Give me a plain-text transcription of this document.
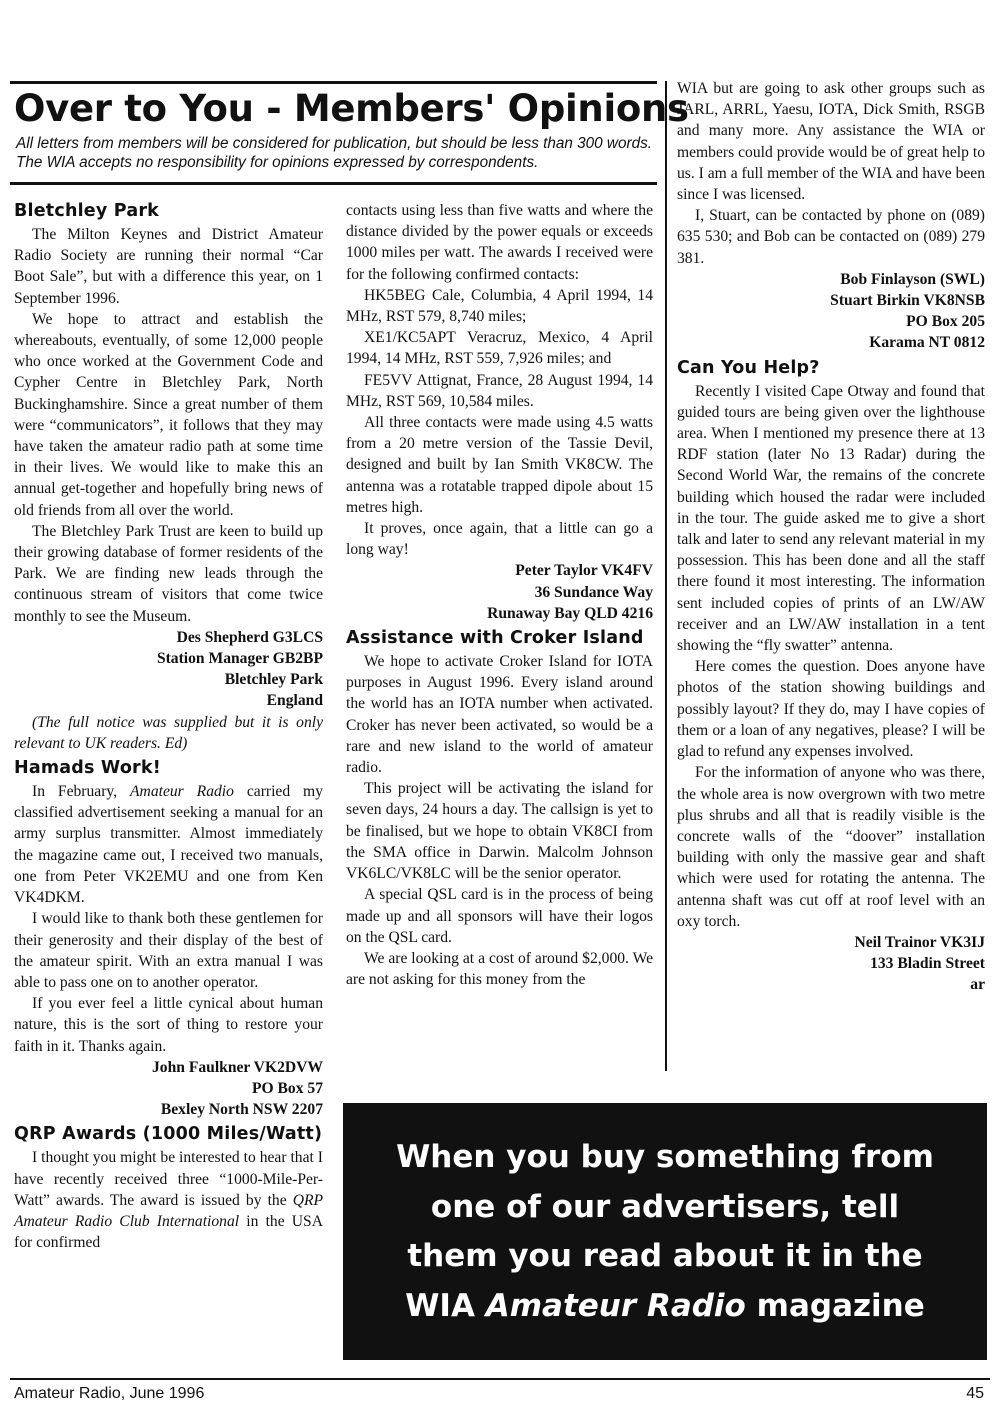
Over to You - Members' Opinions
All letters from members will be considered for publication, but should be less than 300 words. The WIA accepts no responsibility for opinions expressed by correspondents.
Bletchley Park

The Milton Keynes and District Amateur Radio Society are running their normal “Car Boot Sale”, but with a difference this year, on 1 September 1996.

We hope to attract and establish the whereabouts, eventually, of some 12,000 people who once worked at the Government Code and Cypher Centre in Bletchley Park, North Buckinghamshire. Since a great number of them were “communicators”, it follows that they may have taken the amateur radio path at some time in their lives. We would like to make this an annual get-together and hopefully bring news of old friends from all over the world.

The Bletchley Park Trust are keen to build up their growing database of former residents of the Park. We are finding new leads through the continuous stream of visitors that come twice monthly to see the Museum.

Des Shepherd G3LCS
Station Manager GB2BP
Bletchley Park
England

(The full notice was supplied but it is only relevant to UK readers. Ed)

Hamads Work!

In February, Amateur Radio carried my classified advertisement seeking a manual for an army surplus transmitter. Almost immediately the magazine came out, I received two manuals, one from Peter VK2EMU and one from Ken VK4DKM.

I would like to thank both these gentlemen for their generosity and their display of the best of the amateur spirit. With an extra manual I was able to pass one on to another operator.

If you ever feel a little cynical about human nature, this is the sort of thing to restore your faith in it. Thanks again.

John Faulkner VK2DVW
PO Box 57
Bexley North NSW 2207
QRP Awards (1000 Miles/Watt)

I thought you might be interested to hear that I have recently received three “1000-Mile-Per-Watt” awards. The award is issued by the QRP Amateur Radio Club International in the USA for confirmed

contacts using less than five watts and where the distance divided by the power equals or exceeds 1000 miles per watt. The awards I received were for the following confirmed contacts:

HK5BEG Cale, Columbia, 4 April 1994, 14 MHz, RST 579, 8,740 miles;

XE1/KC5APT Veracruz, Mexico, 4 April 1994, 14 MHz, RST 559, 7,926 miles; and

FE5VV Attignat, France, 28 August 1994, 14 MHz, RST 569, 10,584 miles.

All three contacts were made using 4.5 watts from a 20 metre version of the Tassie Devil, designed and built by Ian Smith VK8CW. The antenna was a rotatable trapped dipole about 15 metres high.

It proves, once again, that a little can go a long way!

Peter Taylor VK4FV
36 Sundance Way
Runaway Bay QLD 4216
Assistance with Croker Island

We hope to activate Croker Island for IOTA purposes in August 1996. Every island around the world has an IOTA number when activated. Croker has never been activated, so would be a rare and new island to the world of amateur radio.

This project will be activating the island for seven days, 24 hours a day. The callsign is yet to be finalised, but we hope to obtain VK8CI from the SMA office in Darwin. Malcolm Johnson VK6LC/VK8LC will be the senior operator.

A special QSL card is in the process of being made up and all sponsors will have their logos on the QSL card.

We are looking at a cost of around $2,000. We are not asking for this money from the

WIA but are going to ask other groups such as JARL, ARRL, Yaesu, IOTA, Dick Smith, RSGB and many more. Any assistance the WIA or members could provide would be of great help to us. I am a full member of the WIA and have been since I was licensed.

I, Stuart, can be contacted by phone on (089) 635 530; and Bob can be contacted on (089) 279 381.

Bob Finlayson (SWL)
Stuart Birkin VK8NSB
PO Box 205
Karama NT 0812
Can You Help?

Recently I visited Cape Otway and found that guided tours are being given over the lighthouse area. When I mentioned my presence there at 13 RDF station (later No 13 Radar) during the Second World War, the remains of the concrete building which housed the radar were included in the tour. The guide asked me to give a short talk and later to send any relevant material in my possession. This has been done and all the staff there found it most interesting. The information sent included copies of prints of an LW/AW receiver and an LW/AW installation in a tent showing the “fly swatter” antenna.

Here comes the question. Does anyone have photos of the station showing buildings and possibly layout? If they do, may I have copies of them or a loan of any negatives, please? I will be glad to refund any expenses involved.

For the information of anyone who was there, the whole area is now overgrown with two metre plus shrubs and all that is readily visible is the concrete walls of the “doover” installation building with only the massive gear and shaft which were used for rotating the antenna. The antenna shaft was cut off at roof level with an oxy torch.

Neil Trainor VK3IJ
133 Bladin Street
ar
When you buy something from
one of our advertisers, tell
them you read about it in the
WIA Amateur Radio magazine
Amateur Radio, June 1996	45
